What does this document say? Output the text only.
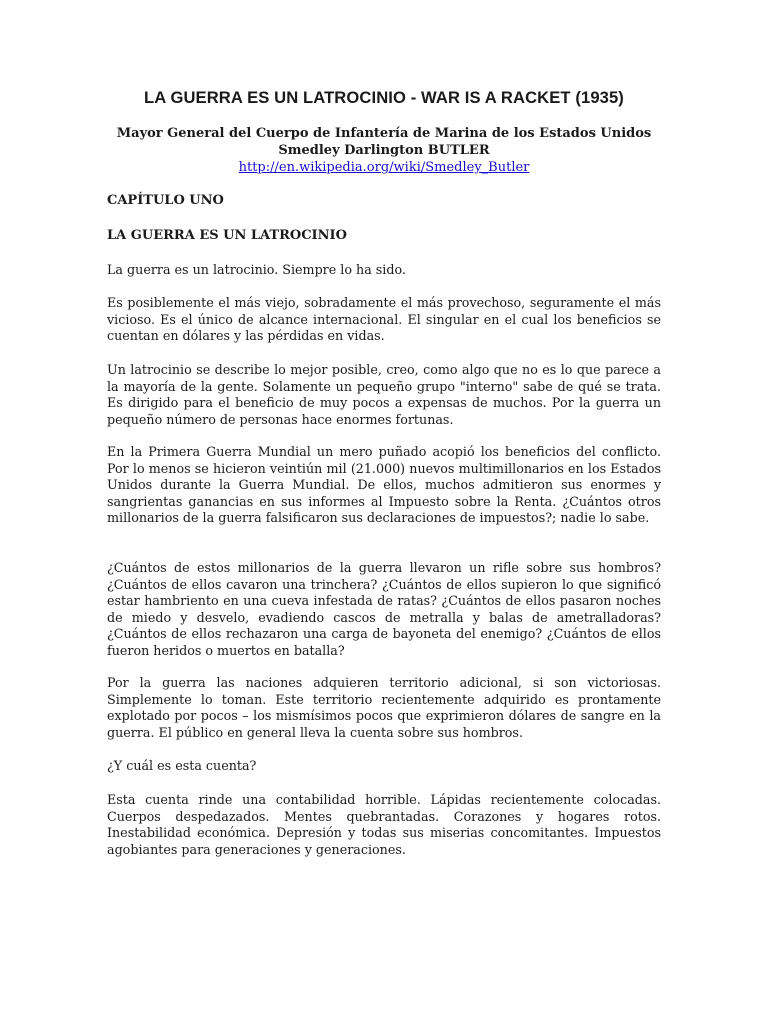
LA GUERRA ES UN LATROCINIO - WAR IS A RACKET (1935)
Mayor General del Cuerpo de Infantería de Marina de los Estados Unidos
Smedley Darlington BUTLER
http://en.wikipedia.org/wiki/Smedley_Butler
CAPÍTULO UNO
LA GUERRA ES UN LATROCINIO

La guerra es un latrocinio. Siempre lo ha sido.

Es posiblemente el más viejo, sobradamente el más provechoso, seguramente el más vicioso. Es el único de alcance internacional. El singular en el cual los beneficios se cuentan en dólares y las pérdidas en vidas.

Un latrocinio se describe lo mejor posible, creo, como algo que no es lo que parece a la mayoría de la gente. Solamente un pequeño grupo "interno" sabe de qué se trata. Es dirigido para el beneficio de muy pocos a expensas de muchos. Por la guerra un pequeño número de personas hace enormes fortunas.

En la Primera Guerra Mundial un mero puñado acopió los beneficios del conflicto. Por lo menos se hicieron veintiún mil (21.000) nuevos multimillonarios en los Estados Unidos durante la Guerra Mundial. De ellos, muchos admitieron sus enormes y sangrientas ganancias en sus informes al Impuesto sobre la Renta. ¿Cuántos otros millonarios de la guerra falsificaron sus declaraciones de impuestos?; nadie lo sabe.

¿Cuántos de estos millonarios de la guerra llevaron un rifle sobre sus hombros? ¿Cuántos de ellos cavaron una trinchera? ¿Cuántos de ellos supieron lo que significó estar hambriento en una cueva infestada de ratas? ¿Cuántos de ellos pasaron noches de miedo y desvelo, evadiendo cascos de metralla y balas de ametralladoras? ¿Cuántos de ellos rechazaron una carga de bayoneta del enemigo? ¿Cuántos de ellos fueron heridos o muertos en batalla?

Por la guerra las naciones adquieren territorio adicional, si son victoriosas. Simplemente lo toman. Este territorio recientemente adquirido es prontamente explotado por pocos – los mismísimos pocos que exprimieron dólares de sangre en la guerra. El público en general lleva la cuenta sobre sus hombros.

¿Y cuál es esta cuenta?

Esta cuenta rinde una contabilidad horrible. Lápidas recientemente colocadas. Cuerpos despedazados. Mentes quebrantadas. Corazones y hogares rotos. Inestabilidad económica. Depresión y todas sus miserias concomitantes. Impuestos agobiantes para generaciones y generaciones.
